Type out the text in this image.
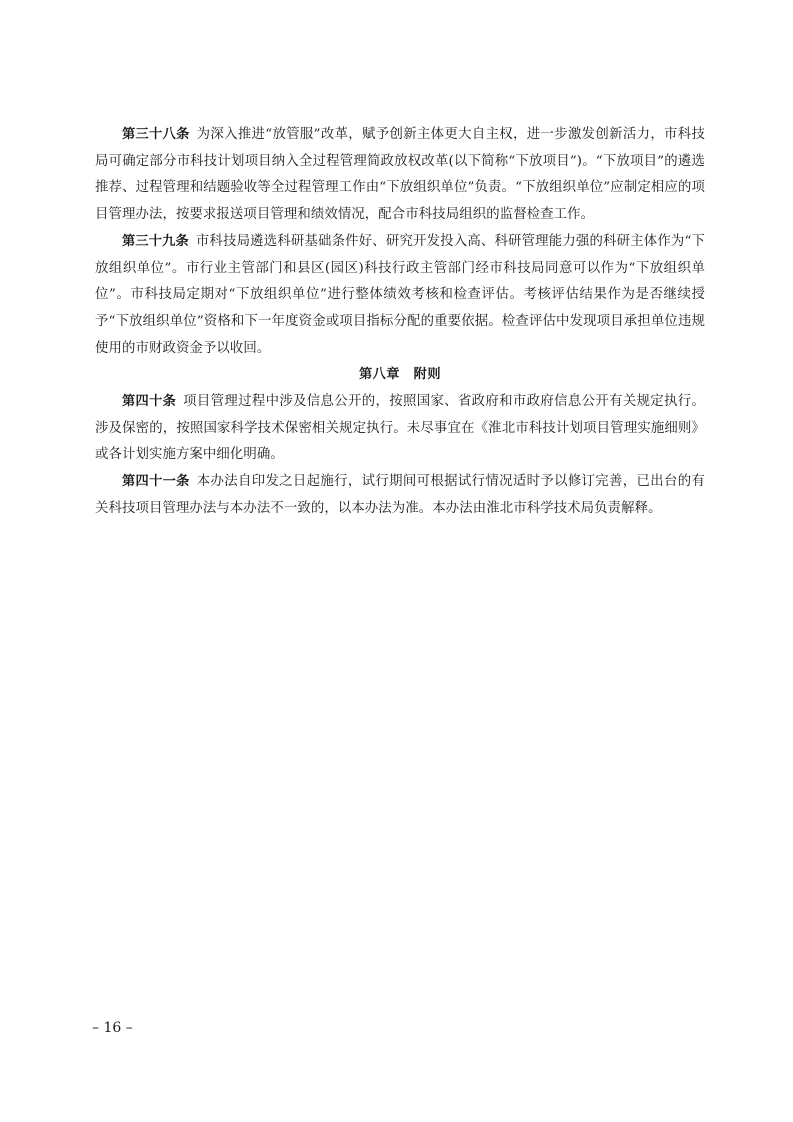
第三十八条 为深入推进“放管服”改革，赋予创新主体更大自主权，进一步激发创新活力，市科技局可确定部分市科技计划项目纳入全过程管理简政放权改革(以下简称“下放项目”)。“下放项目”的遴选推荐、过程管理和结题验收等全过程管理工作由“下放组织单位”负责。“下放组织单位”应制定相应的项目管理办法，按要求报送项目管理和绩效情况，配合市科技局组织的监督检查工作。

第三十九条 市科技局遴选科研基础条件好、研究开发投入高、科研管理能力强的科研主体作为“下放组织单位”。市行业主管部门和县区(园区)科技行政主管部门经市科技局同意可以作为“下放组织单位”。市科技局定期对“下放组织单位”进行整体绩效考核和检查评估。考核评估结果作为是否继续授予“下放组织单位”资格和下一年度资金或项目指标分配的重要依据。检查评估中发现项目承担单位违规使用的市财政资金予以收回。

第八章　附则

第四十条 项目管理过程中涉及信息公开的，按照国家、省政府和市政府信息公开有关规定执行。涉及保密的，按照国家科学技术保密相关规定执行。未尽事宜在《淮北市科技计划项目管理实施细则》或各计划实施方案中细化明确。

第四十一条 本办法自印发之日起施行，试行期间可根据试行情况适时予以修订完善，已出台的有关科技项目管理办法与本办法不一致的，以本办法为准。本办法由淮北市科学技术局负责解释。

– 16 –
